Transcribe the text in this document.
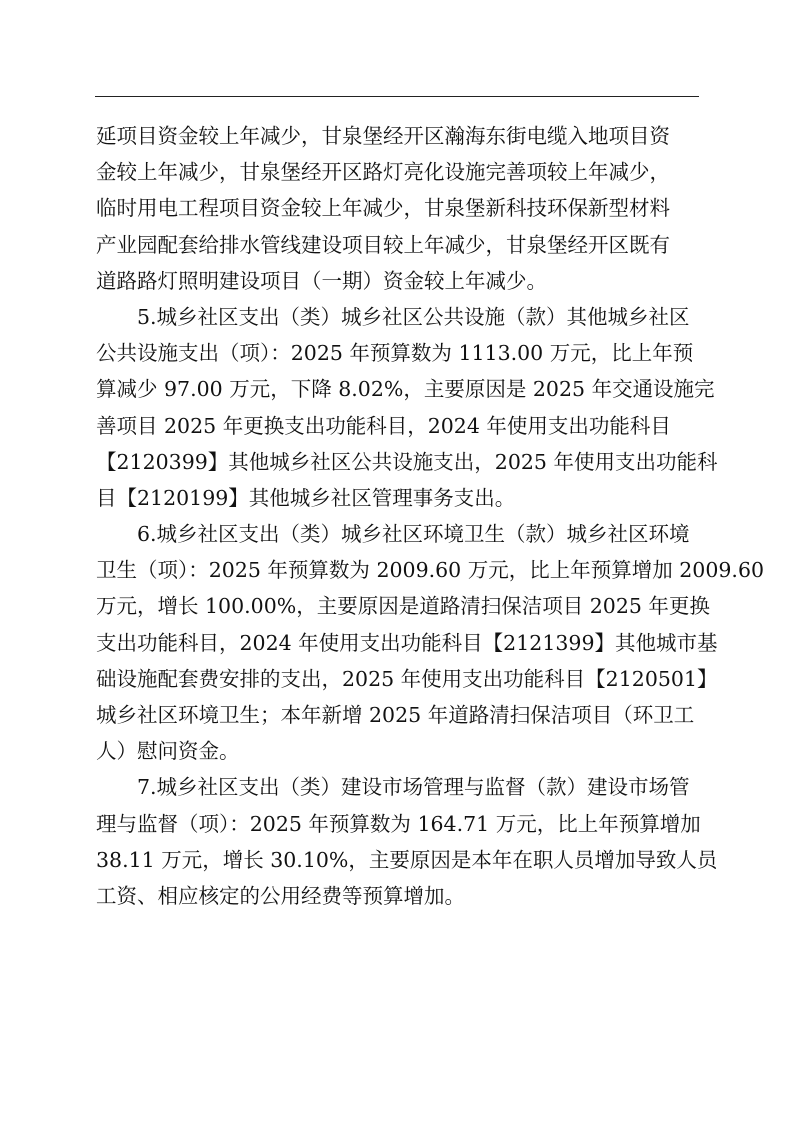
延项目资金较上年减少，甘泉堡经开区瀚海东街电缆入地项目资
金较上年减少，甘泉堡经开区路灯亮化设施完善项较上年减少，
临时用电工程项目资金较上年减少，甘泉堡新科技环保新型材料
产业园配套给排水管线建设项目较上年减少，甘泉堡经开区既有
道路路灯照明建设项目（一期）资金较上年减少。
　　5.城乡社区支出（类）城乡社区公共设施（款）其他城乡社区
公共设施支出（项）：2025 年预算数为 1113.00 万元，比上年预
算减少 97.00 万元，下降 8.02%，主要原因是 2025 年交通设施完
善项目 2025 年更换支出功能科目，2024 年使用支出功能科目
【2120399】其他城乡社区公共设施支出，2025 年使用支出功能科
目【2120199】其他城乡社区管理事务支出。
　　6.城乡社区支出（类）城乡社区环境卫生（款）城乡社区环境
卫生（项）：2025 年预算数为 2009.60 万元，比上年预算增加 2009.60
万元，增长 100.00%，主要原因是道路清扫保洁项目 2025 年更换
支出功能科目，2024 年使用支出功能科目【2121399】其他城市基
础设施配套费安排的支出，2025 年使用支出功能科目【2120501】
城乡社区环境卫生；本年新增 2025 年道路清扫保洁项目（环卫工
人）慰问资金。
　　7.城乡社区支出（类）建设市场管理与监督（款）建设市场管
理与监督（项）：2025 年预算数为 164.71 万元，比上年预算增加
38.11 万元，增长 30.10%，主要原因是本年在职人员增加导致人员
工资、相应核定的公用经费等预算增加。
